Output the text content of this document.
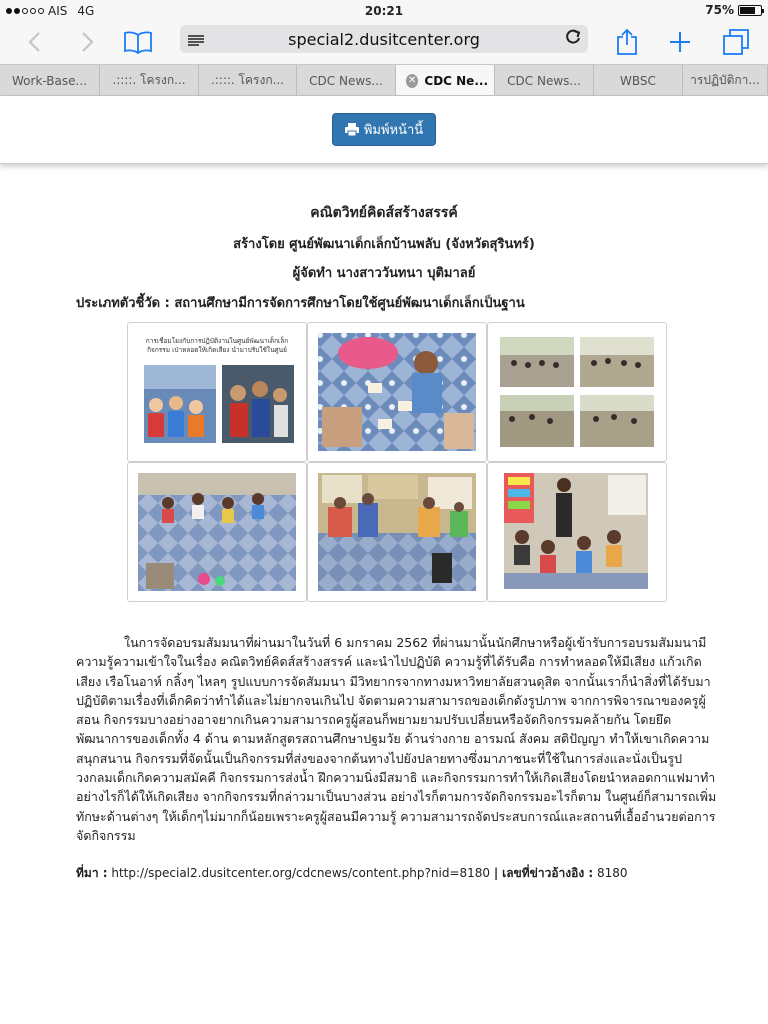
AIS 4G	20:21	75%
special2.dusitcenter.org
Work-Base... .::::. โครงก... .::::. โครงก... CDC News...	✕ CDC Ne... CDC News...	WBSC	ารปฏิบัติกา...
พิมพ์หน้านี้
คณิตวิทย์คิดส์สร้างสรรค์
สร้างโดย ศูนย์พัฒนาเด็กเล็กบ้านพลับ (จังหวัดสุรินทร์)
ผู้จัดทำ นางสาววันทนา บุติมาลย์
ประเภทตัวชี้วัด : สถานศึกษามีการจัดการศึกษาโดยใช้ศูนย์พัฒนาเด็กเล็กเป็นฐาน
การเชื่อมโยงกับการปฏิบัติงานในศูนย์พัฒนาเด็กเล็ก
กิจกรรม เป่าหลอดให้เกิดเสียง นำมาปรับใช้ในศูนย์
ในการจัดอบรมสัมมนาที่ผ่านมาในวันที่ 6 มกราคม 2562 ที่ผ่านมานั้นนักศึกษาหรือผู้เข้ารับการอบรมสัมมนามีความรู้ความเข้าใจในเรื่อง คณิตวิทย์คิดส์สร้างสรรค์ และนำไปปฏิบัติ ความรู้ที่ได้รับคือ การทำหลอดให้มีเสียง แก้วเกิดเสียง เรือโนอาห์ กลิ้งๆ ไหลๆ รูปแบบการจัดสัมมนา มีวิทยากรจากทางมหาวิทยาลัยสวนดุสิต จากนั้นเราก็นำสิ่งที่ได้รับมาปฏิบัติตามเรื่องที่เด็กคิดว่าทำได้และไม่ยากจนเกินไป จัดตามความสามารถของเด็กดังรูปภาพ จากการพิจารณาของครูผู้สอน กิจกรรมบางอย่างอาจยากเกินความสามารถครูผู้สอนก็พยามยามปรับเปลี่ยนหรือจัดกิจกรรมคล้ายกัน โดยยึดพัฒนาการของเด็กทั้ง 4 ด้าน ตามหลักสูตรสถานศึกษาปฐมวัย ด้านร่างกาย อารมณ์ สังคม สติปัญญา ทำให้เขาเกิดความสนุกสนาน กิจกรรมที่จัดนั้นเป็นกิจกรรมที่ส่งของจากต้นทางไปยังปลายทางซึ่งมาภาชนะที่ใช้ในการส่งและนั่งเป็นรูปวงกลมเด็กเกิดความสมัคคี กิจกรรมการส่งน้ำ ฝึกความนิ่งมีสมาธิ และกิจกรรมการทำให้เกิดเสียงโดยนำหลอดกาแฟมาทำอย่างไรก็ได้ให้เกิดเสียง จากกิจกรรมที่กล่าวมาเป็นบางส่วน อย่างไรก็ตามการจัดกิจกรรมอะไรก็ตาม ในศูนย์ก็สามารถเพิ่มทักษะด้านต่างๆ ให้เด็กๆไม่มากก็น้อยเพราะครูผู้สอนมีความรู้ ความสามารถจัดประสบการณ์และสถานที่เอื้ออำนวยต่อการจัดกิจกรรม
ที่มา : http://special2.dusitcenter.org/cdcnews/content.php?nid=8180 | เลขที่ข่าวอ้างอิง : 8180
